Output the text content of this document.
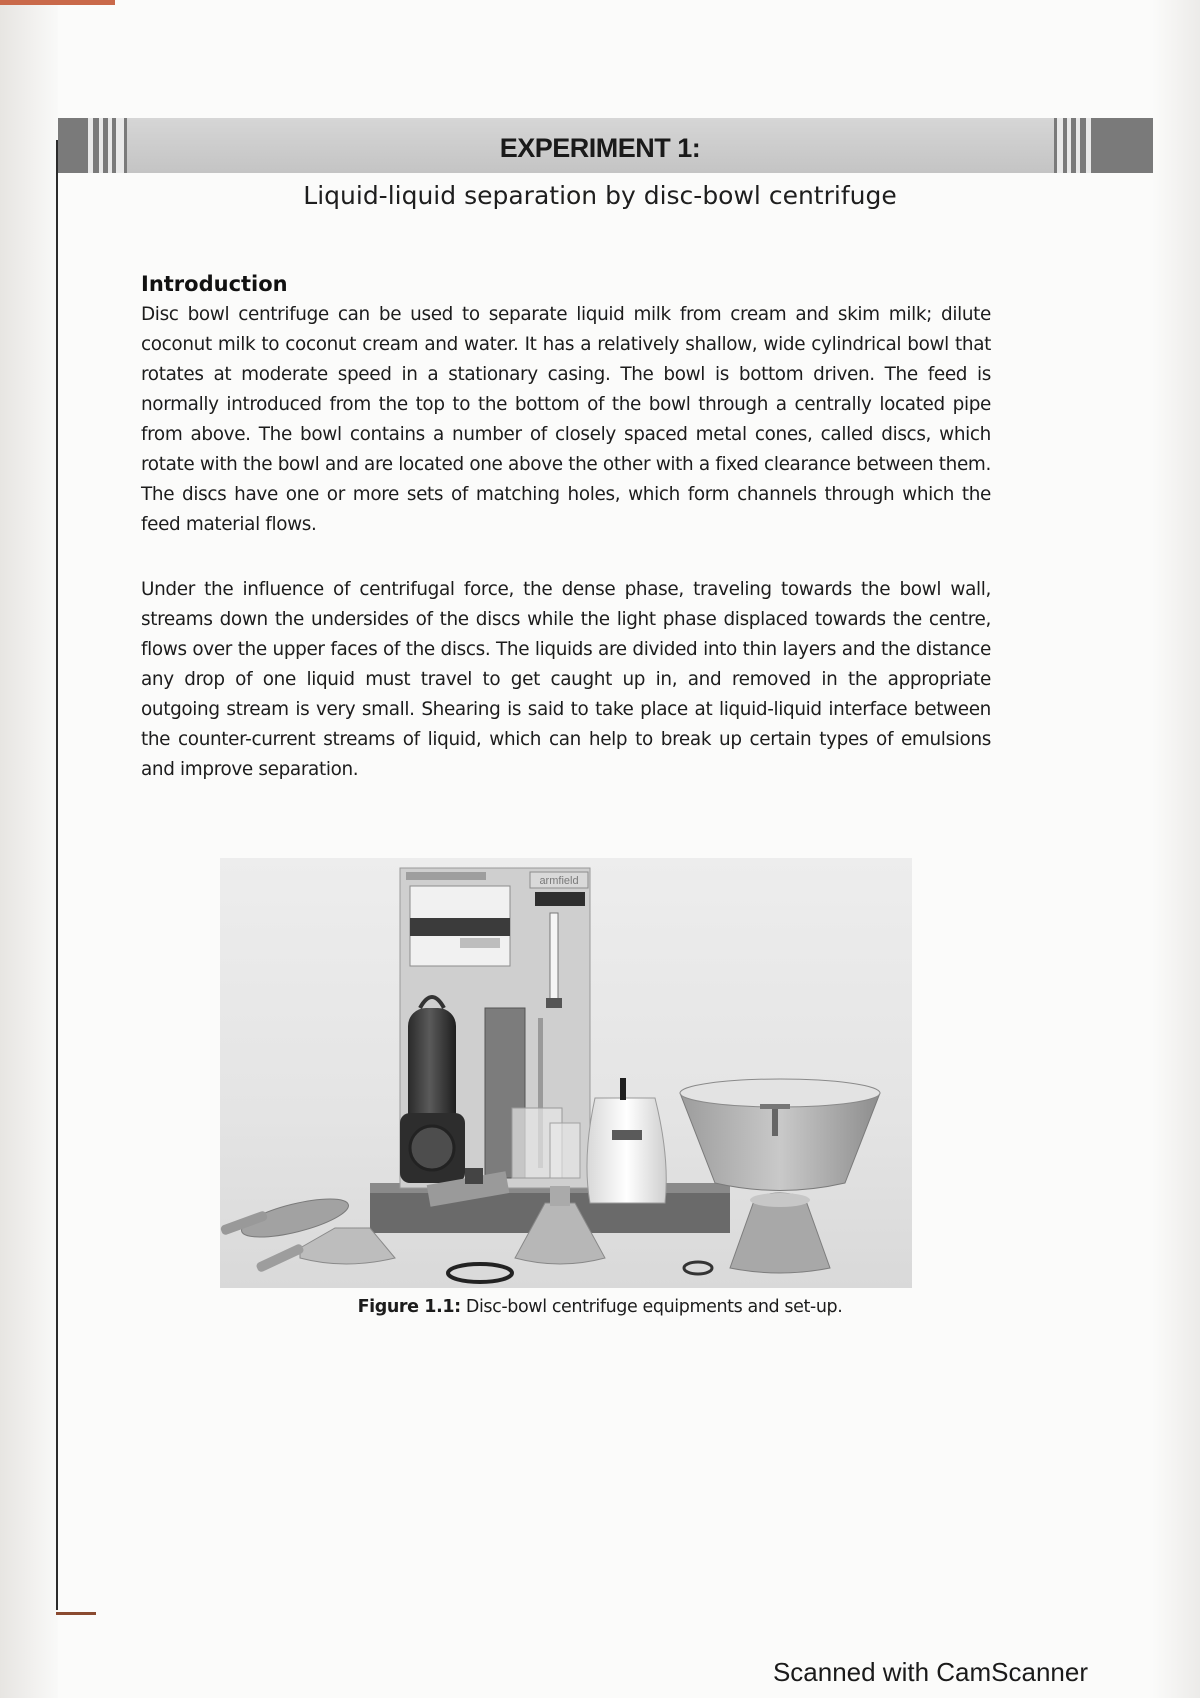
EXPERIMENT 1:
Liquid-liquid separation by disc-bowl centrifuge
Introduction

Disc bowl centrifuge can be used to separate liquid milk from cream and skim milk; dilute coconut milk to coconut cream and water. It has a relatively shallow, wide cylindrical bowl that rotates at moderate speed in a stationary casing. The bowl is bottom driven. The feed is normally introduced from the top to the bottom of the bowl through a centrally located pipe from above. The bowl contains a number of closely spaced metal cones, called discs, which rotate with the bowl and are located one above the other with a fixed clearance between them. The discs have one or more sets of matching holes, which form channels through which the feed material flows.

Under the influence of centrifugal force, the dense phase, traveling towards the bowl wall, streams down the undersides of the discs while the light phase displaced towards the centre, flows over the upper faces of the discs. The liquids are divided into thin layers and the distance any drop of one liquid must travel to get caught up in, and removed in the appropriate outgoing stream is very small. Shearing is said to take place at liquid-liquid interface between the counter-current streams of liquid, which can help to break up certain types of emulsions and improve separation.

armfield
Figure 1.1: Disc-bowl centrifuge equipments and set-up.
Scanned with CamScanner
